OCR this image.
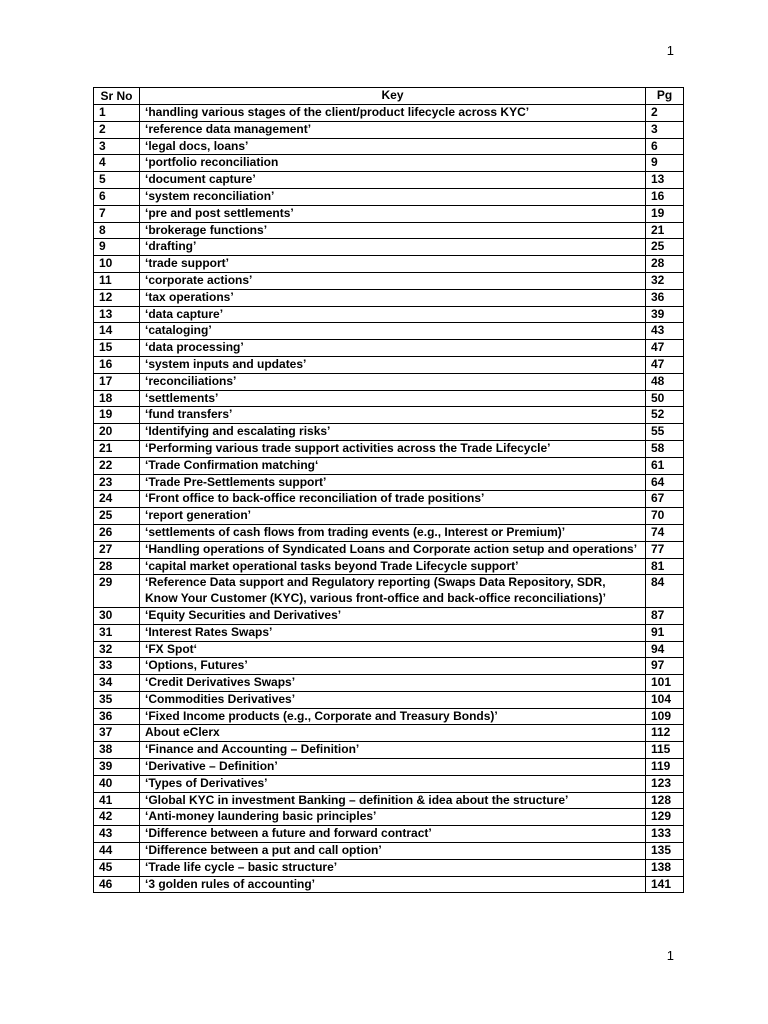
1
Sr No	Key	Pg
1	‘handling various stages of the client/product lifecycle across KYC’	2
2	‘reference data management’	3
3	‘legal docs, loans’	6
4	‘portfolio reconciliation	9
5	‘document capture’	13
6	‘system reconciliation’	16
7	‘pre and post settlements’	19
8	‘brokerage functions’	21
9	‘drafting’	25
10	‘trade support’	28
11	‘corporate actions’	32
12	‘tax operations’	36
13	‘data capture’	39
14	‘cataloging’	43
15	‘data processing’	47
16	‘system inputs and updates’	47
17	‘reconciliations’	48
18	‘settlements’	50
19	‘fund transfers’	52
20	‘Identifying and escalating risks’	55
21	‘Performing various trade support activities across the Trade Lifecycle’	58
22	‘Trade Confirmation matching‘	61
23	‘Trade Pre-Settlements support’	64
24	‘Front office to back-office reconciliation of trade positions’	67
25	‘report generation’	70
26	‘settlements of cash flows from trading events (e.g., Interest or Premium)’	74
27	‘Handling operations of Syndicated Loans and Corporate action setup and operations’	77
28	‘capital market operational tasks beyond Trade Lifecycle support’	81
29	‘Reference Data support and Regulatory reporting (Swaps Data Repository, SDR, Know Your Customer (KYC), various front-office and back-office reconciliations)’	84
30	‘Equity Securities and Derivatives’	87
31	‘Interest Rates Swaps’	91
32	‘FX Spot‘	94
33	‘Options, Futures’	97
34	‘Credit Derivatives Swaps’	101
35	‘Commodities Derivatives’	104
36	‘Fixed Income products (e.g., Corporate and Treasury Bonds)’	109
37	About eClerx	112
38	‘Finance and Accounting – Definition’	115
39	‘Derivative – Definition’	119
40	‘Types of Derivatives’	123
41	‘Global KYC in investment Banking – definition & idea about the structure’	128
42	‘Anti-money laundering basic principles’	129
43	‘Difference between a future and forward contract’	133
44	‘Difference between a put and call option’	135
45	‘Trade life cycle – basic structure’	138
46	‘3 golden rules of accounting’	141
1
